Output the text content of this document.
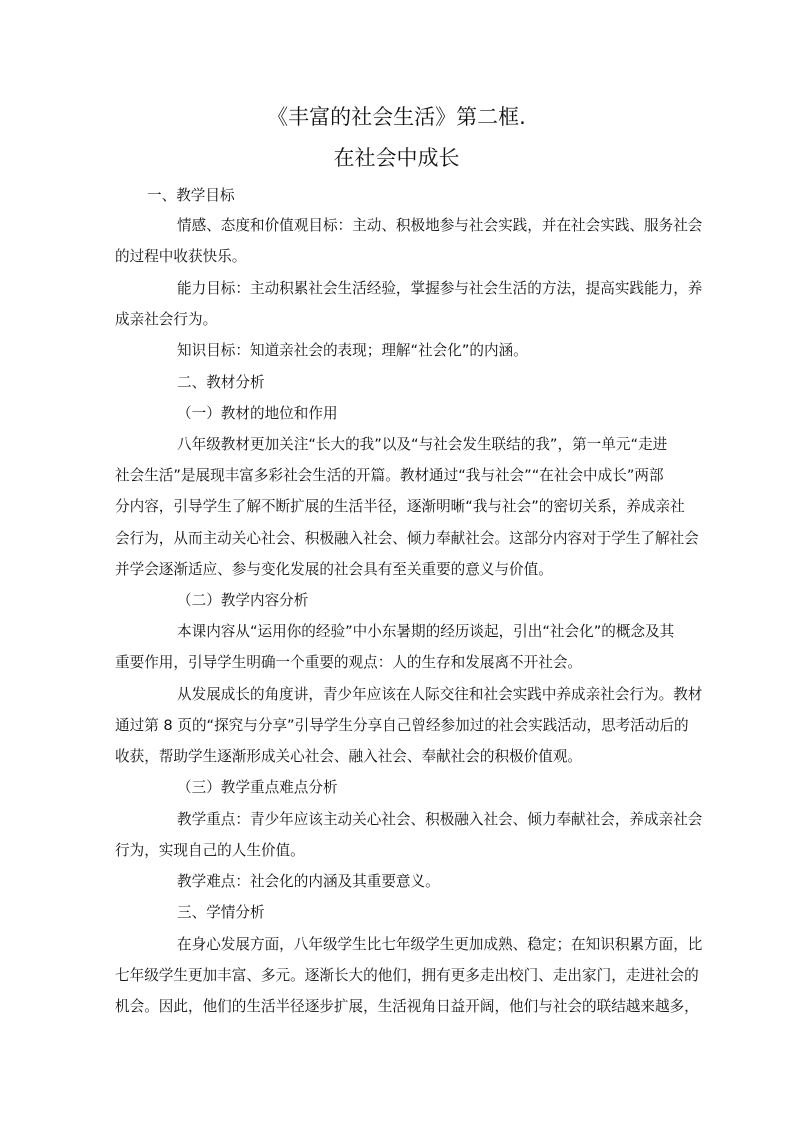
《丰富的社会生活》第二框.
在社会中成长

一、教学目标

情感、态度和价值观目标：主动、积极地参与社会实践，并在社会实践、服务社会

的过程中收获快乐。

能力目标：主动积累社会生活经验，掌握参与社会生活的方法，提高实践能力，养

成亲社会行为。

知识目标：知道亲社会的表现；理解“社会化”的内涵。

二、教材分析

（一）教材的地位和作用

八年级教材更加关注“长大的我”以及“与社会发生联结的我”，第一单元“走进

社会生活”是展现丰富多彩社会生活的开篇。教材通过“我与社会”“在社会中成长”两部

分内容，引导学生了解不断扩展的生活半径，逐渐明晰“我与社会”的密切关系，养成亲社

会行为，从而主动关心社会、积极融入社会、倾力奉献社会。这部分内容对于学生了解社会

并学会逐渐适应、参与变化发展的社会具有至关重要的意义与价值。

（二）教学内容分析

本课内容从“运用你的经验”中小东暑期的经历谈起，引出“社会化”的概念及其

重要作用，引导学生明确一个重要的观点：人的生存和发展离不开社会。

从发展成长的角度讲，青少年应该在人际交往和社会实践中养成亲社会行为。教材

通过第 8 页的“探究与分享”引导学生分享自己曾经参加过的社会实践活动，思考活动后的

收获，帮助学生逐渐形成关心社会、融入社会、奉献社会的积极价值观。

（三）教学重点难点分析

教学重点：青少年应该主动关心社会、积极融入社会、倾力奉献社会，养成亲社会

行为，实现自己的人生价值。

教学难点：社会化的内涵及其重要意义。

三、学情分析

在身心发展方面，八年级学生比七年级学生更加成熟、稳定；在知识积累方面，比

七年级学生更加丰富、多元。逐渐长大的他们，拥有更多走出校门、走出家门，走进社会的

机会。因此，他们的生活半径逐步扩展，生活视角日益开阔，他们与社会的联结越来越多，
